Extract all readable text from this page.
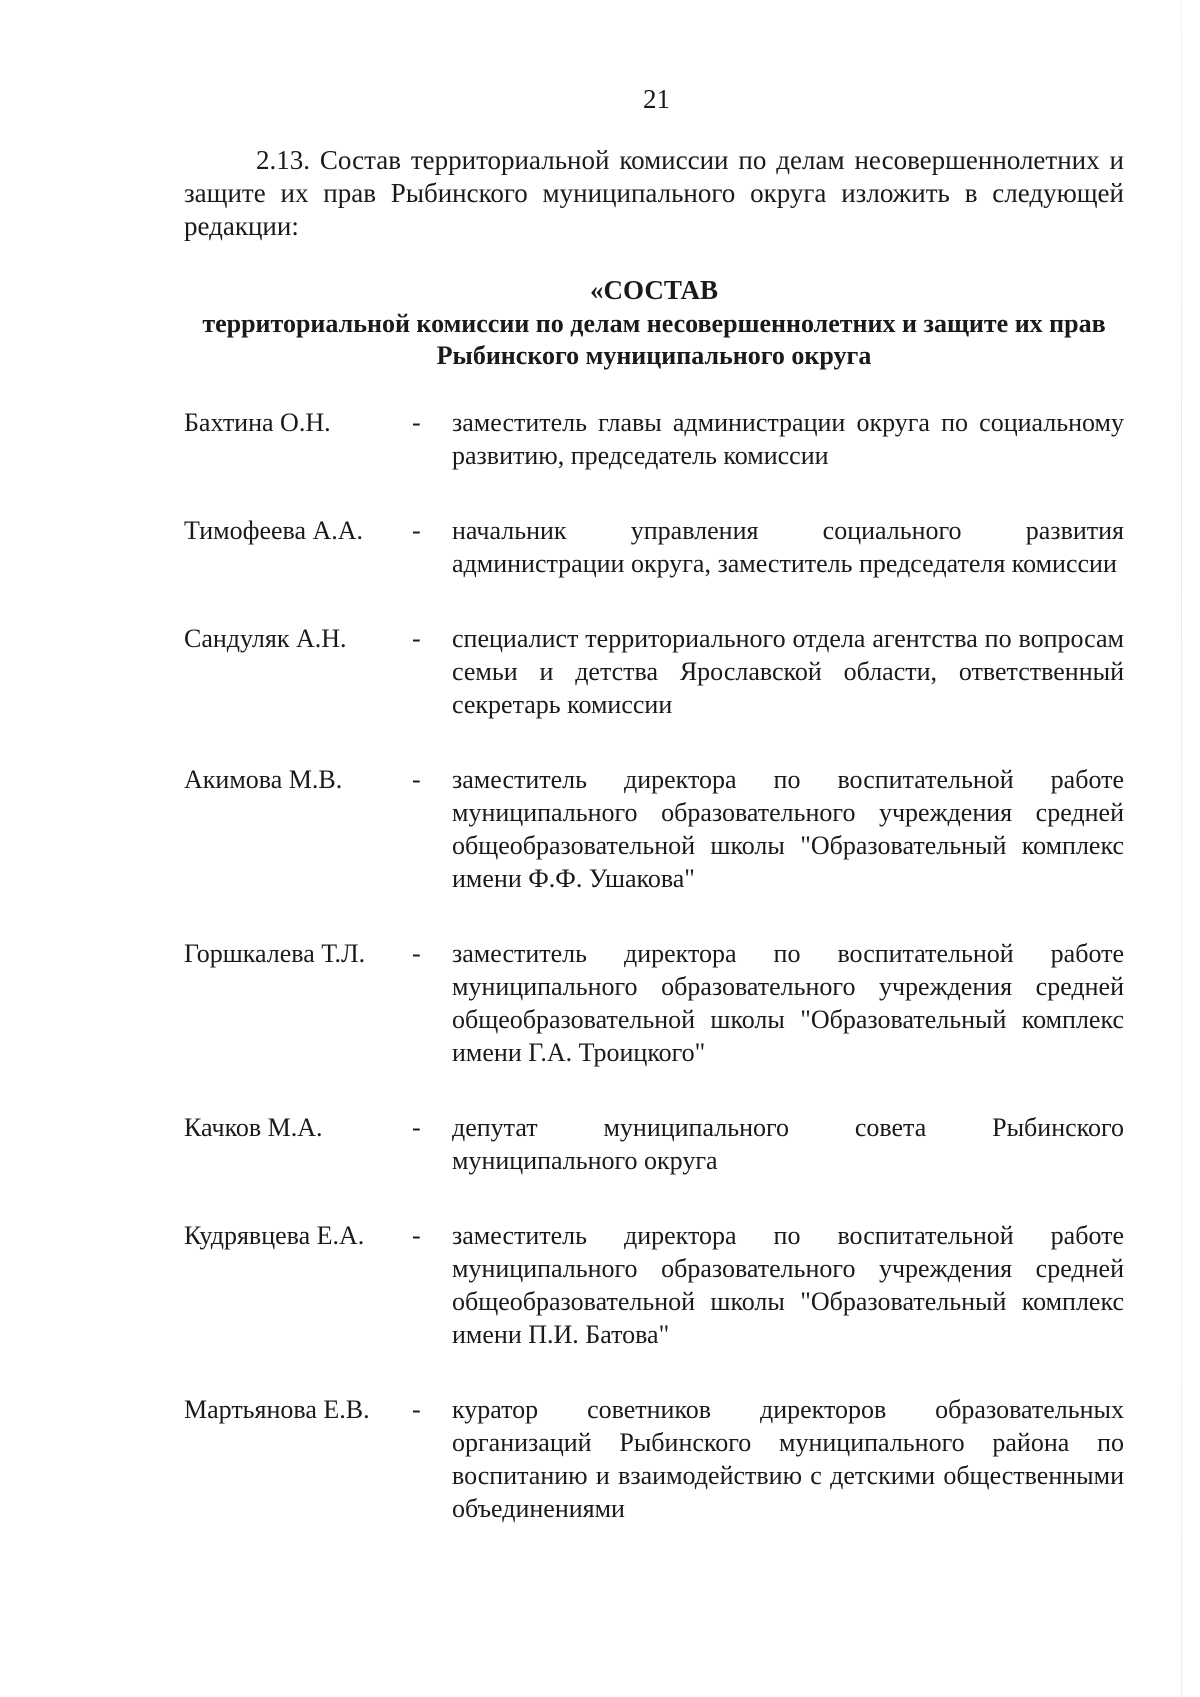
21

2.13. Состав территориальной комиссии по делам несовершеннолетних и защите их прав Рыбинского муниципального округа изложить в следующей редакции:

«СОСТАВ
территориальной комиссии по делам несовершеннолетних и защите их прав Рыбинского муниципального округа
Бахтина О.Н.	-	заместитель главы администрации округа по социальному развитию, председатель комиссии
Тимофеева А.А.	-	начальник управления социального развития администрации округа, заместитель председателя комиссии
Сандуляк А.Н.	-	специалист территориального отдела агентства по вопросам семьи и детства Ярославской области, ответственный секретарь комиссии
Акимова М.В.	-	заместитель директора по воспитательной работе муниципального образовательного учреждения средней общеобразовательной школы "Образовательный комплекс имени Ф.Ф. Ушакова"
Горшкалева Т.Л.	-	заместитель директора по воспитательной работе муниципального образовательного учреждения средней общеобразовательной школы "Образовательный комплекс имени Г.А. Троицкого"
Качков М.А.	-	депутат муниципального совета Рыбинского муниципального округа
Кудрявцева Е.А.	-	заместитель директора по воспитательной работе муниципального образовательного учреждения средней общеобразовательной школы "Образовательный комплекс имени П.И. Батова"
Мартьянова Е.В.	-	куратор советников директоров образовательных организаций Рыбинского муниципального района по воспитанию и взаимодействию с детскими общественными объединениями
